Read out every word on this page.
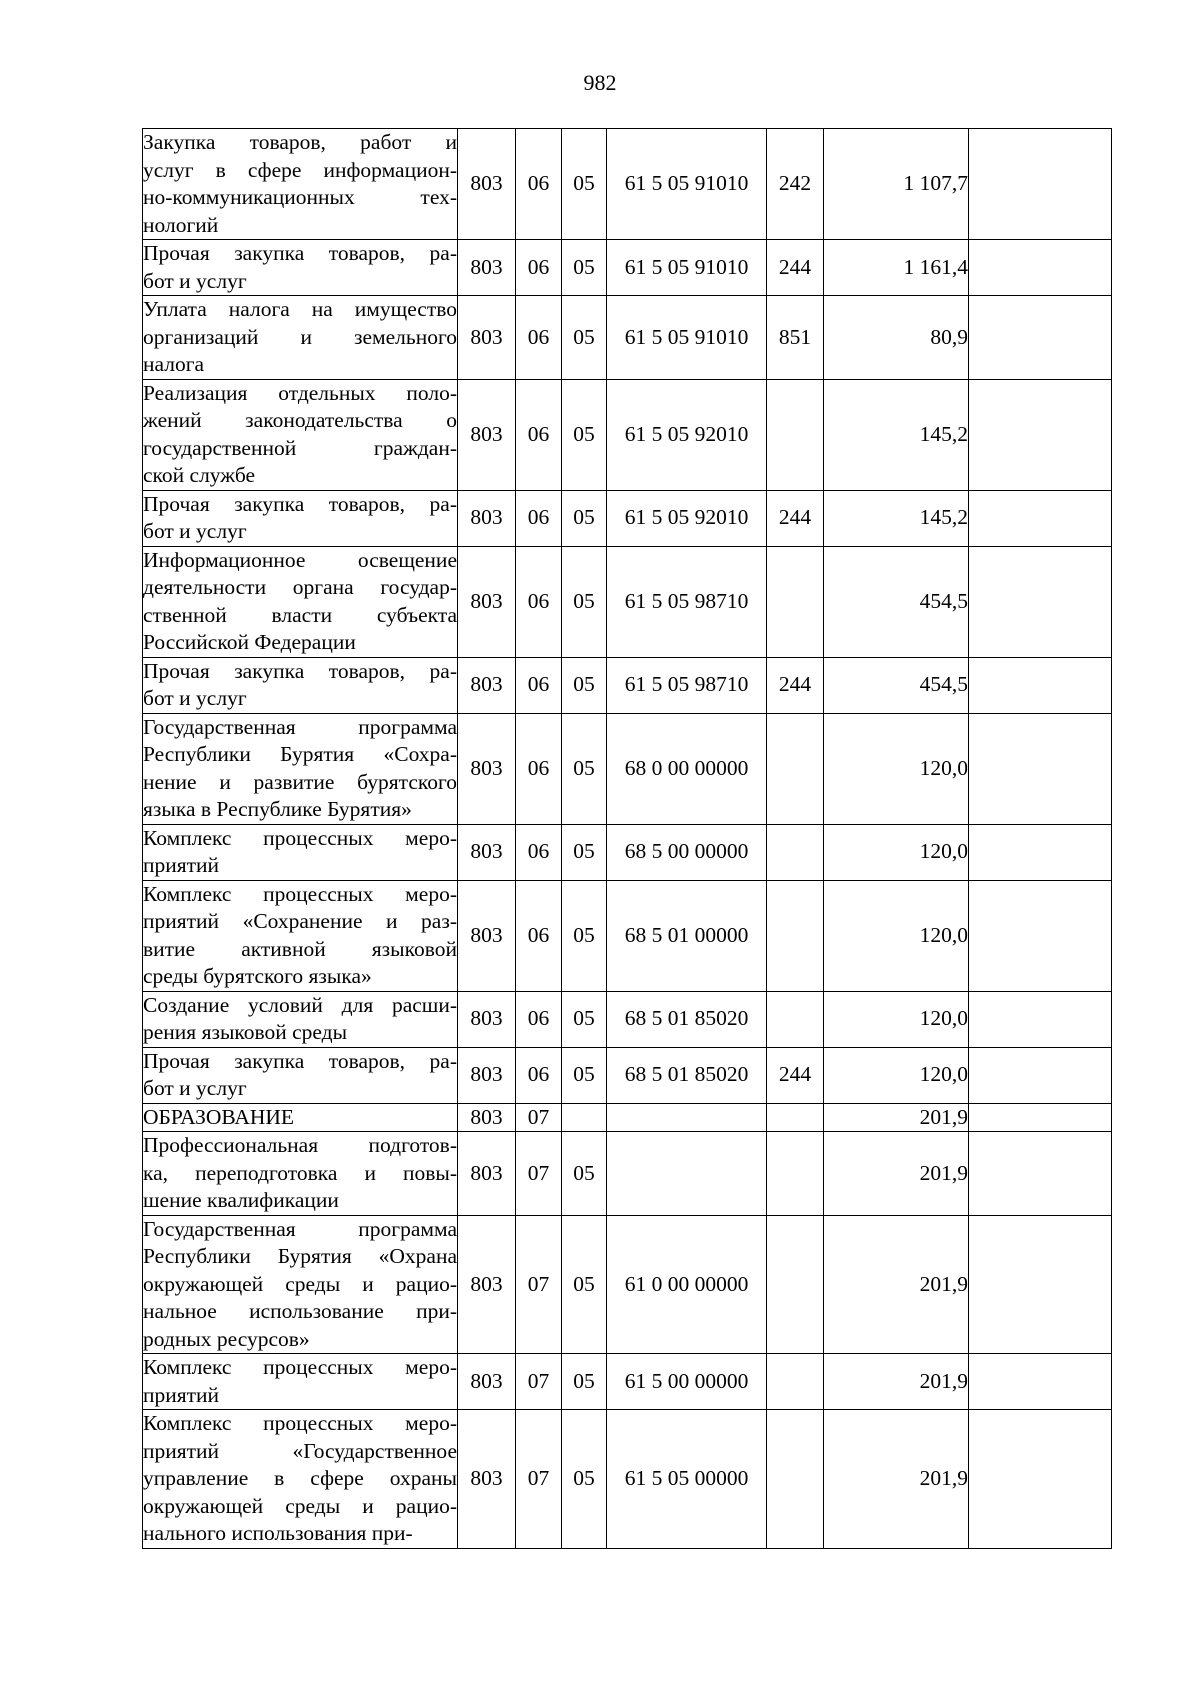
982
Закупка товаров, работ и
услуг в сфере информацион-
но-коммуникационных тех-
нологий	803	06	05	61 5 05 91010	242	1 107,7	

Прочая закупка товаров, ра-
бот и услуг	803	06	05	61 5 05 91010	244	1 161,4	

Уплата налога на имущество
организаций и земельного
налога	803	06	05	61 5 05 91010	851	80,9	

Реализация отдельных поло-
жений законодательства о
государственной граждан-
ской службе	803	06	05	61 5 05 92010		145,2	

Прочая закупка товаров, ра-
бот и услуг	803	06	05	61 5 05 92010	244	145,2	

Информационное освещение
деятельности органа государ-
ственной власти субъекта
Российской Федерации	803	06	05	61 5 05 98710		454,5	

Прочая закупка товаров, ра-
бот и услуг	803	06	05	61 5 05 98710	244	454,5	

Государственная программа
Республики Бурятия «Сохра-
нение и развитие бурятского
языка в Республике Бурятия»	803	06	05	68 0 00 00000		120,0	

Комплекс процессных меро-
приятий	803	06	05	68 5 00 00000		120,0	

Комплекс процессных меро-
приятий «Сохранение и раз-
витие активной языковой
среды бурятского языка»	803	06	05	68 5 01 00000		120,0	

Создание условий для расши-
рения языковой среды	803	06	05	68 5 01 85020		120,0	

Прочая закупка товаров, ра-
бот и услуг	803	06	05	68 5 01 85020	244	120,0	

ОБРАЗОВАНИЕ	803	07				201,9	

Профессиональная подготов-
ка, переподготовка и повы-
шение квалификации	803	07	05			201,9	

Государственная программа
Республики Бурятия «Охрана
окружающей среды и рацио-
нальное использование при-
родных ресурсов»	803	07	05	61 0 00 00000		201,9	

Комплекс процессных меро-
приятий	803	07	05	61 5 00 00000		201,9	

Комплекс процессных меро-
приятий «Государственное
управление в сфере охраны
окружающей среды и рацио-
нального использования при-	803	07	05	61 5 05 00000		201,9	
